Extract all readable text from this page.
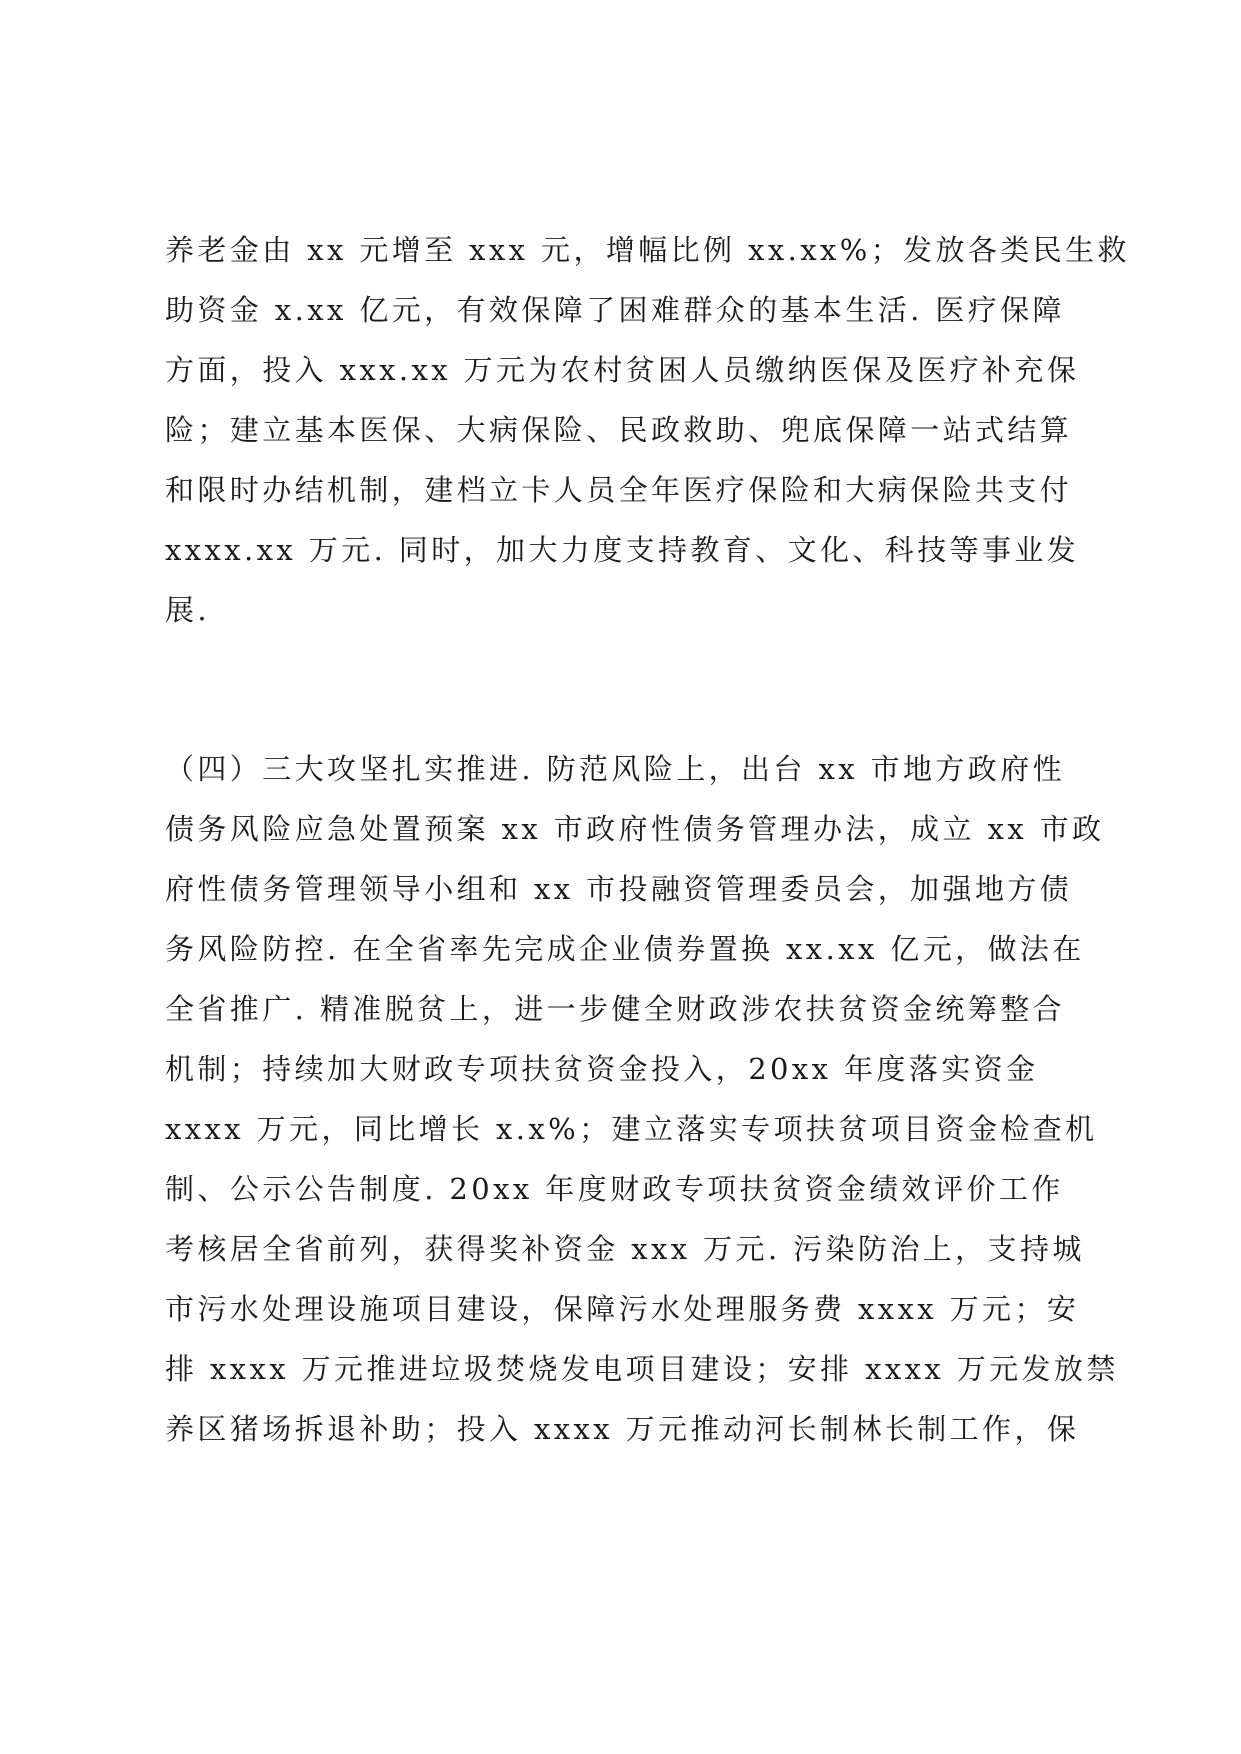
养老金由 xx 元增至 xxx 元，增幅比例 xx.xx%；发放各类民生救

助资金 x.xx 亿元，有效保障了困难群众的基本生活. 医疗保障

方面，投入 xxx.xx 万元为农村贫困人员缴纳医保及医疗补充保

险；建立基本医保、大病保险、民政救助、兜底保障一站式结算

和限时办结机制，建档立卡人员全年医疗保险和大病保险共支付

xxxx.xx 万元. 同时，加大力度支持教育、文化、科技等事业发

展.

（四）三大攻坚扎实推进. 防范风险上，出台 xx 市地方政府性

债务风险应急处置预案 xx 市政府性债务管理办法，成立 xx 市政

府性债务管理领导小组和 xx 市投融资管理委员会，加强地方债

务风险防控. 在全省率先完成企业债券置换 xx.xx 亿元，做法在

全省推广. 精准脱贫上，进一步健全财政涉农扶贫资金统筹整合

机制；持续加大财政专项扶贫资金投入，20xx 年度落实资金

xxxx 万元，同比增长 x.x%；建立落实专项扶贫项目资金检查机

制、公示公告制度. 20xx 年度财政专项扶贫资金绩效评价工作

考核居全省前列，获得奖补资金 xxx 万元. 污染防治上，支持城

市污水处理设施项目建设，保障污水处理服务费 xxxx 万元；安

排 xxxx 万元推进垃圾焚烧发电项目建设；安排 xxxx 万元发放禁

养区猪场拆退补助；投入 xxxx 万元推动河长制林长制工作，保
